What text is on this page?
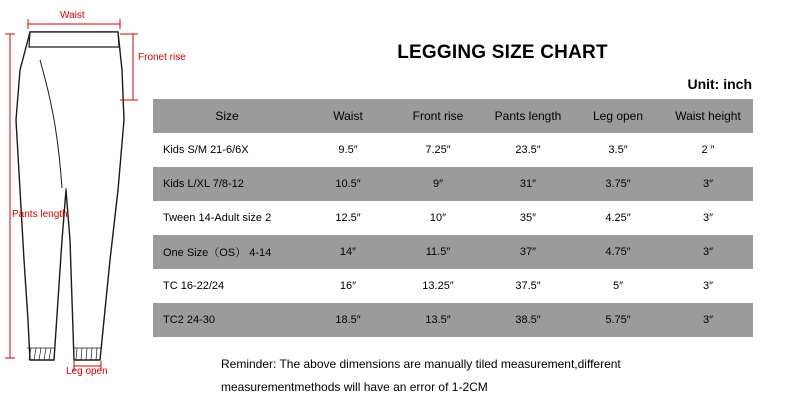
Waist
Fronet rise
Pants length
Leg open
LEGGING SIZE CHART
Unit: inch
Size	Waist	Front rise	Pants length	Leg open	Waist height
Kids S/M 21-6/6X	9.5″	7.25″	23.5″	3.5″	2 ″
Kids L/XL 7/8-12	10.5″	9″	31″	3.75″	3″
Tween 14-Adult size 2	12.5″	10″	35″	4.25″	3″
One Size（OS） 4-14	14″	11.5″	37″	4.75″	3″
TC 16-22/24	16″	13.25″	37.5″	5″	3″
TC2 24-30	18.5″	13.5″	38.5″	5.75″	3″
Reminder: The above dimensions are manually tiled measurement,different
measurementmethods will have an error of 1-2CM
